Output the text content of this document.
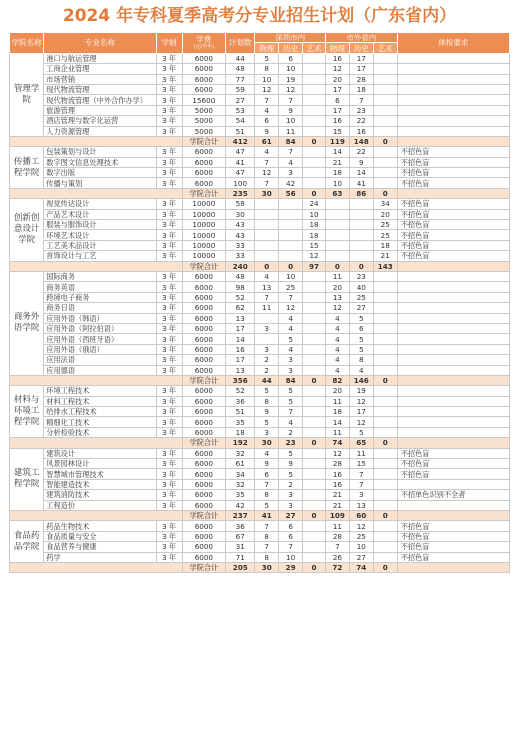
2024 年专科夏季高考分专业招生计划（广东省内）
学院名称	专业名称	学制	学费
(元/学年)	计划数	深圳市内			市外省内			体检要求
					物理	历史	艺术	物理	历史	艺术	
管理学院	港口与航运管理	3 年	6000	44	5	6		16	17		
	工商企业管理	3 年	6000	48	8	10		12	17		
	市场营销	3 年	6000	77	10	19		20	28		
	现代物流管理	3 年	6000	59	12	12		17	18		
	现代物流管理（中外合作办学）	3 年	15600	27	7	7		6	7		
	旅游管理	3 年	5000	53	4	9		17	23		
	酒店管理与数字化运营	3 年	5000	54	6	10		16	22		
	人力资源管理	3 年	5000	51	9	11		15	16		
			学院合计	412	61	84	0	119	148	0	
传播工程学院	包装策划与设计	3 年	6000	47	4	7		14	22		不招色盲
	数字图文信息处理技术	3 年	6000	41	7	4		21	9		不招色盲
	数字出版	3 年	6000	47	12	3		18	14		不招色盲
	传播与策划	3 年	6000	100	7	42		10	41		不招色盲
			学院合计	235	30	56	0	63	86	0	
创新创意设计学院	视觉传达设计	3 年	10000	58			24			34	不招色盲
	产品艺术设计	3 年	10000	30			10			20	不招色盲
	服装与服饰设计	3 年	10000	43			18			25	不招色盲
	环境艺术设计	3 年	10000	43			18			25	不招色盲
	工艺美术品设计	3 年	10000	33			15			18	不招色盲
	首饰设计与工艺	3 年	10000	33			12			21	不招色盲
			学院合计	240	0	0	97	0	0	143	
商务外语学院	国际商务	3 年	6000	48	4	10		11	23		
	商务英语	3 年	6000	98	13	25		20	40		
	跨境电子商务	3 年	6000	52	7	7		13	25		
	商务日语	3 年	6000	62	11	12		12	27		
	应用外语（韩语）	3 年	6000	13		4		4	5		
	应用外语（阿拉伯语）	3 年	6000	17	3	4		4	6		
	应用外语（西班牙语）	3 年	6000	14		5		4	5		
	应用外语（俄语）	3 年	6000	16	3	4		4	5		
	应用法语	3 年	6000	17	2	3		4	8		
	应用德语	3 年	6000	13	2	3		4	4		
			学院合计	356	44	84	0	82	146	0	
材料与环境工程学院	环境工程技术	3 年	6000	52	5	5		20	19		
	材料工程技术	3 年	6000	36	8	5		11	12		
	给排水工程技术	3 年	6000	51	9	7		18	17		
	精细化工技术	3 年	6000	35	5	4		14	12		
	分析检验技术	3 年	6000	18	3	2		11	5		
			学院合计	192	30	23	0	74	65	0	
建筑工程学院	建筑设计	3 年	6000	32	4	5		12	11		不招色盲
	风景园林设计	3 年	6000	61	9	9		28	15		不招色盲
	智慧城市管理技术	3 年	6000	34	6	5		16	7		不招色盲
	智能建造技术	3 年	6000	32	7	2		16	7		
	建筑消防技术	3 年	6000	35	8	3		21	3		不招单色识别不全者
	工程造价	3 年	6000	42	5	3		21	13		
			学院合计	237	41	27	0	109	60	0	
食品药品学院	药品生物技术	3 年	6000	36	7	6		11	12		不招色盲
	食品质量与安全	3 年	6000	67	8	6		28	25		不招色盲
	食品营养与健康	3 年	6000	31	7	7		7	10		不招色盲
	药学	3 年	6000	71	8	10		26	27		不招色盲
			学院合计	205	30	29	0	72	74	0	
